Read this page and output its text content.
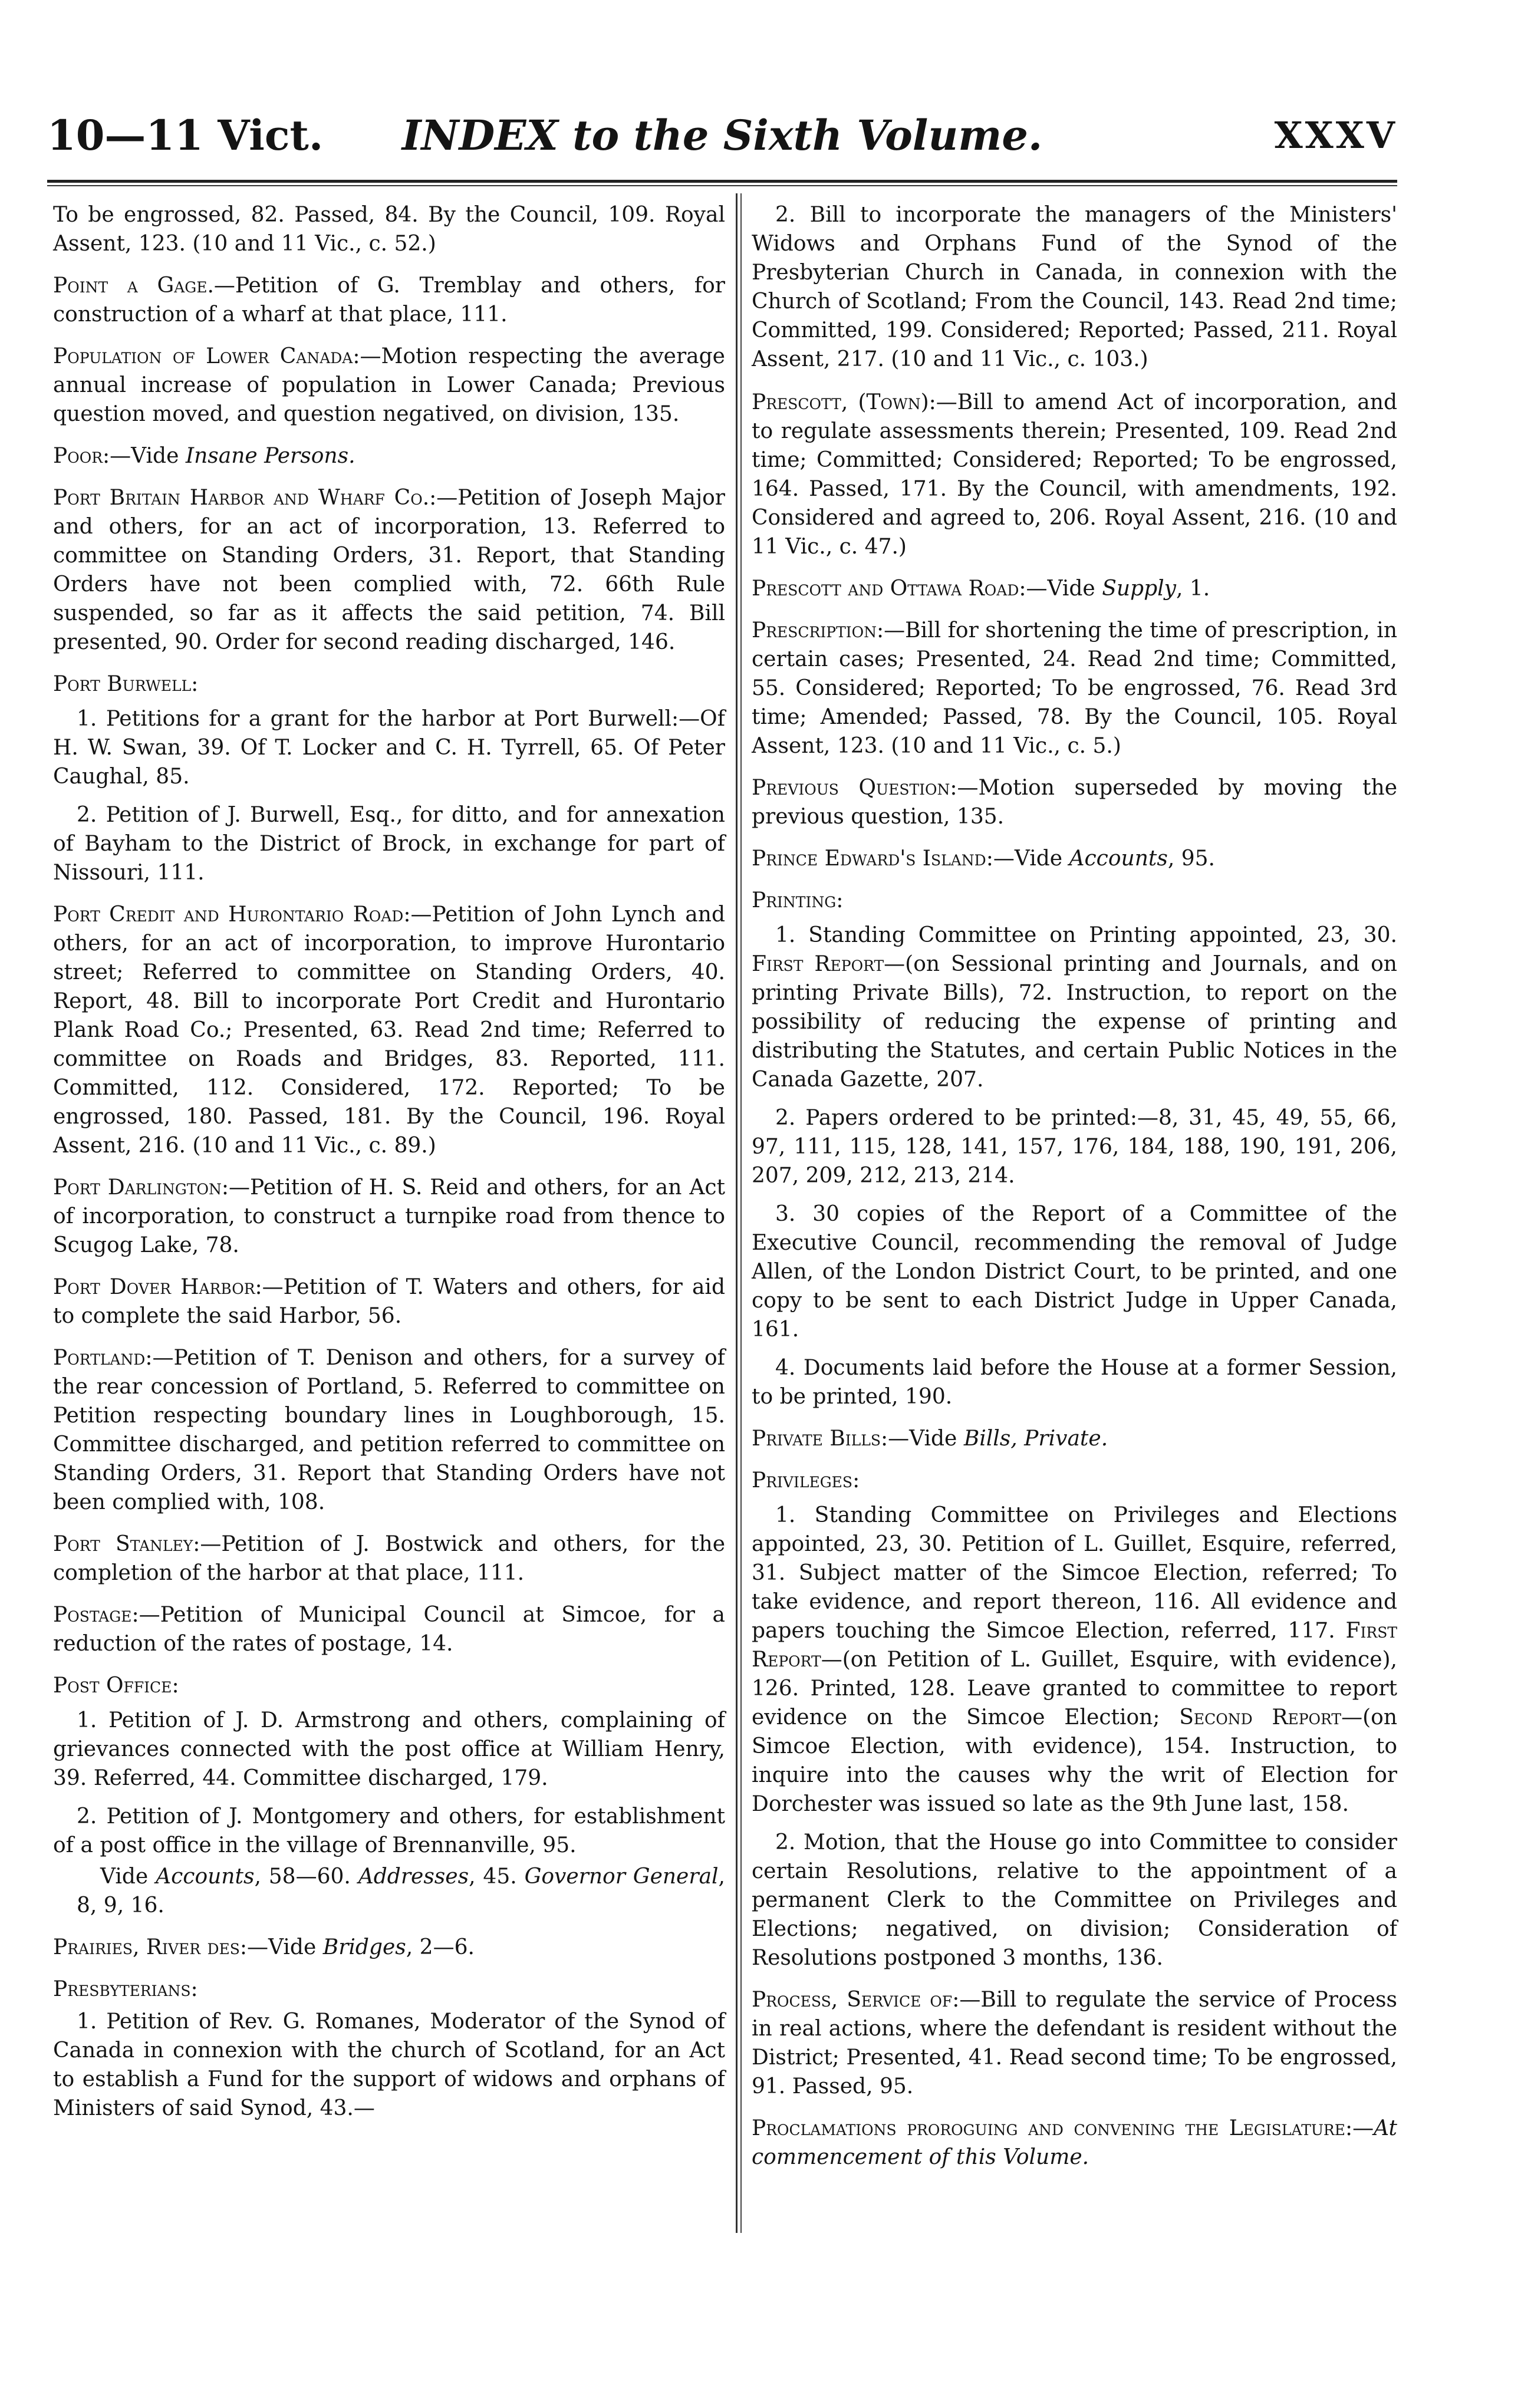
10—11 Vict.	INDEX to the Sixth Volume.	XXXV

To be engrossed, 82. Passed, 84. By the Council, 109. Royal Assent, 123. (10 and 11 Vic., c. 52.)

Point a Gage.—Petition of G. Tremblay and others, for construction of a wharf at that place, 111.

Population of Lower Canada:—Motion respecting the average annual increase of population in Lower Canada; Previous question moved, and question negatived, on division, 135.

Poor:—Vide Insane Persons.

Port Britain Harbor and Wharf Co.:—Petition of Joseph Major and others, for an act of incorporation, 13. Referred to committee on Standing Orders, 31. Report, that Standing Orders have not been complied with, 72. 66th Rule suspended, so far as it affects the said petition, 74. Bill presented, 90. Order for second reading discharged, 146.

Port Burwell:

1. Petitions for a grant for the harbor at Port Burwell:—Of H. W. Swan, 39. Of T. Locker and C. H. Tyrrell, 65. Of Peter Caughal, 85.

2. Petition of J. Burwell, Esq., for ditto, and for annexation of Bayham to the District of Brock, in exchange for part of Nissouri, 111.

Port Credit and Hurontario Road:—Petition of John Lynch and others, for an act of incorporation, to improve Hurontario street; Referred to committee on Standing Orders, 40. Report, 48. Bill to incorporate Port Credit and Hurontario Plank Road Co.; Presented, 63. Read 2nd time; Referred to committee on Roads and Bridges, 83. Reported, 111. Committed, 112. Considered, 172. Reported; To be engrossed, 180. Passed, 181. By the Council, 196. Royal Assent, 216. (10 and 11 Vic., c. 89.)

Port Darlington:—Petition of H. S. Reid and others, for an Act of incorporation, to construct a turnpike road from thence to Scugog Lake, 78.

Port Dover Harbor:—Petition of T. Waters and others, for aid to complete the said Harbor, 56.

Portland:—Petition of T. Denison and others, for a survey of the rear concession of Portland, 5. Referred to committee on Petition respecting boundary lines in Loughborough, 15. Committee discharged, and petition referred to committee on Standing Orders, 31. Report that Standing Orders have not been complied with, 108.

Port Stanley:—Petition of J. Bostwick and others, for the completion of the harbor at that place, 111.

Postage:—Petition of Municipal Council at Simcoe, for a reduction of the rates of postage, 14.

Post Office:

1. Petition of J. D. Armstrong and others, complaining of grievances connected with the post office at William Henry, 39. Referred, 44. Committee discharged, 179.

2. Petition of J. Montgomery and others, for establishment of a post office in the village of Brennanville, 95.

Vide Accounts, 58—60. Addresses, 45. Governor General, 8, 9, 16.

Prairies, River des:—Vide Bridges, 2—6.

Presbyterians:

1. Petition of Rev. G. Romanes, Moderator of the Synod of Canada in connexion with the church of Scotland, for an Act to establish a Fund for the support of widows and orphans of Ministers of said Synod, 43.—

2. Bill to incorporate the managers of the Ministers' Widows and Orphans Fund of the Synod of the Presbyterian Church in Canada, in connexion with the Church of Scotland; From the Council, 143. Read 2nd time; Committed, 199. Considered; Reported; Passed, 211. Royal Assent, 217. (10 and 11 Vic., c. 103.)

Prescott, (Town):—Bill to amend Act of incorporation, and to regulate assessments therein; Presented, 109. Read 2nd time; Committed; Considered; Reported; To be engrossed, 164. Passed, 171. By the Council, with amendments, 192. Considered and agreed to, 206. Royal Assent, 216. (10 and 11 Vic., c. 47.)

Prescott and Ottawa Road:—Vide Supply, 1.

Prescription:—Bill for shortening the time of prescription, in certain cases; Presented, 24. Read 2nd time; Committed, 55. Considered; Reported; To be engrossed, 76. Read 3rd time; Amended; Passed, 78. By the Council, 105. Royal Assent, 123. (10 and 11 Vic., c. 5.)

Previous Question:—Motion superseded by moving the previous question, 135.

Prince Edward's Island:—Vide Accounts, 95.

Printing:

1. Standing Committee on Printing appointed, 23, 30. First Report—(on Sessional printing and Journals, and on printing Private Bills), 72. Instruction, to report on the possibility of reducing the expense of printing and distributing the Statutes, and certain Public Notices in the Canada Gazette, 207.

2. Papers ordered to be printed:—8, 31, 45, 49, 55, 66, 97, 111, 115, 128, 141, 157, 176, 184, 188, 190, 191, 206, 207, 209, 212, 213, 214.

3. 30 copies of the Report of a Committee of the Executive Council, recommending the removal of Judge Allen, of the London District Court, to be printed, and one copy to be sent to each District Judge in Upper Canada, 161.

4. Documents laid before the House at a former Session, to be printed, 190.

Private Bills:—Vide Bills, Private.

Privileges:

1. Standing Committee on Privileges and Elections appointed, 23, 30. Petition of L. Guillet, Esquire, referred, 31. Subject matter of the Simcoe Election, referred; To take evidence, and report thereon, 116. All evidence and papers touching the Simcoe Election, referred, 117. First Report—(on Petition of L. Guillet, Esquire, with evidence), 126. Printed, 128. Leave granted to committee to report evidence on the Simcoe Election; Second Report—(on Simcoe Election, with evidence), 154. Instruction, to inquire into the causes why the writ of Election for Dorchester was issued so late as the 9th June last, 158.

2. Motion, that the House go into Committee to consider certain Resolutions, relative to the appointment of a permanent Clerk to the Committee on Privileges and Elections; negatived, on division; Consideration of Resolutions postponed 3 months, 136.

Process, Service of:—Bill to regulate the service of Process in real actions, where the defendant is resident without the District; Presented, 41. Read second time; To be engrossed, 91. Passed, 95.

Proclamations proroguing and convening the Legislature:—At commencement of this Volume.
